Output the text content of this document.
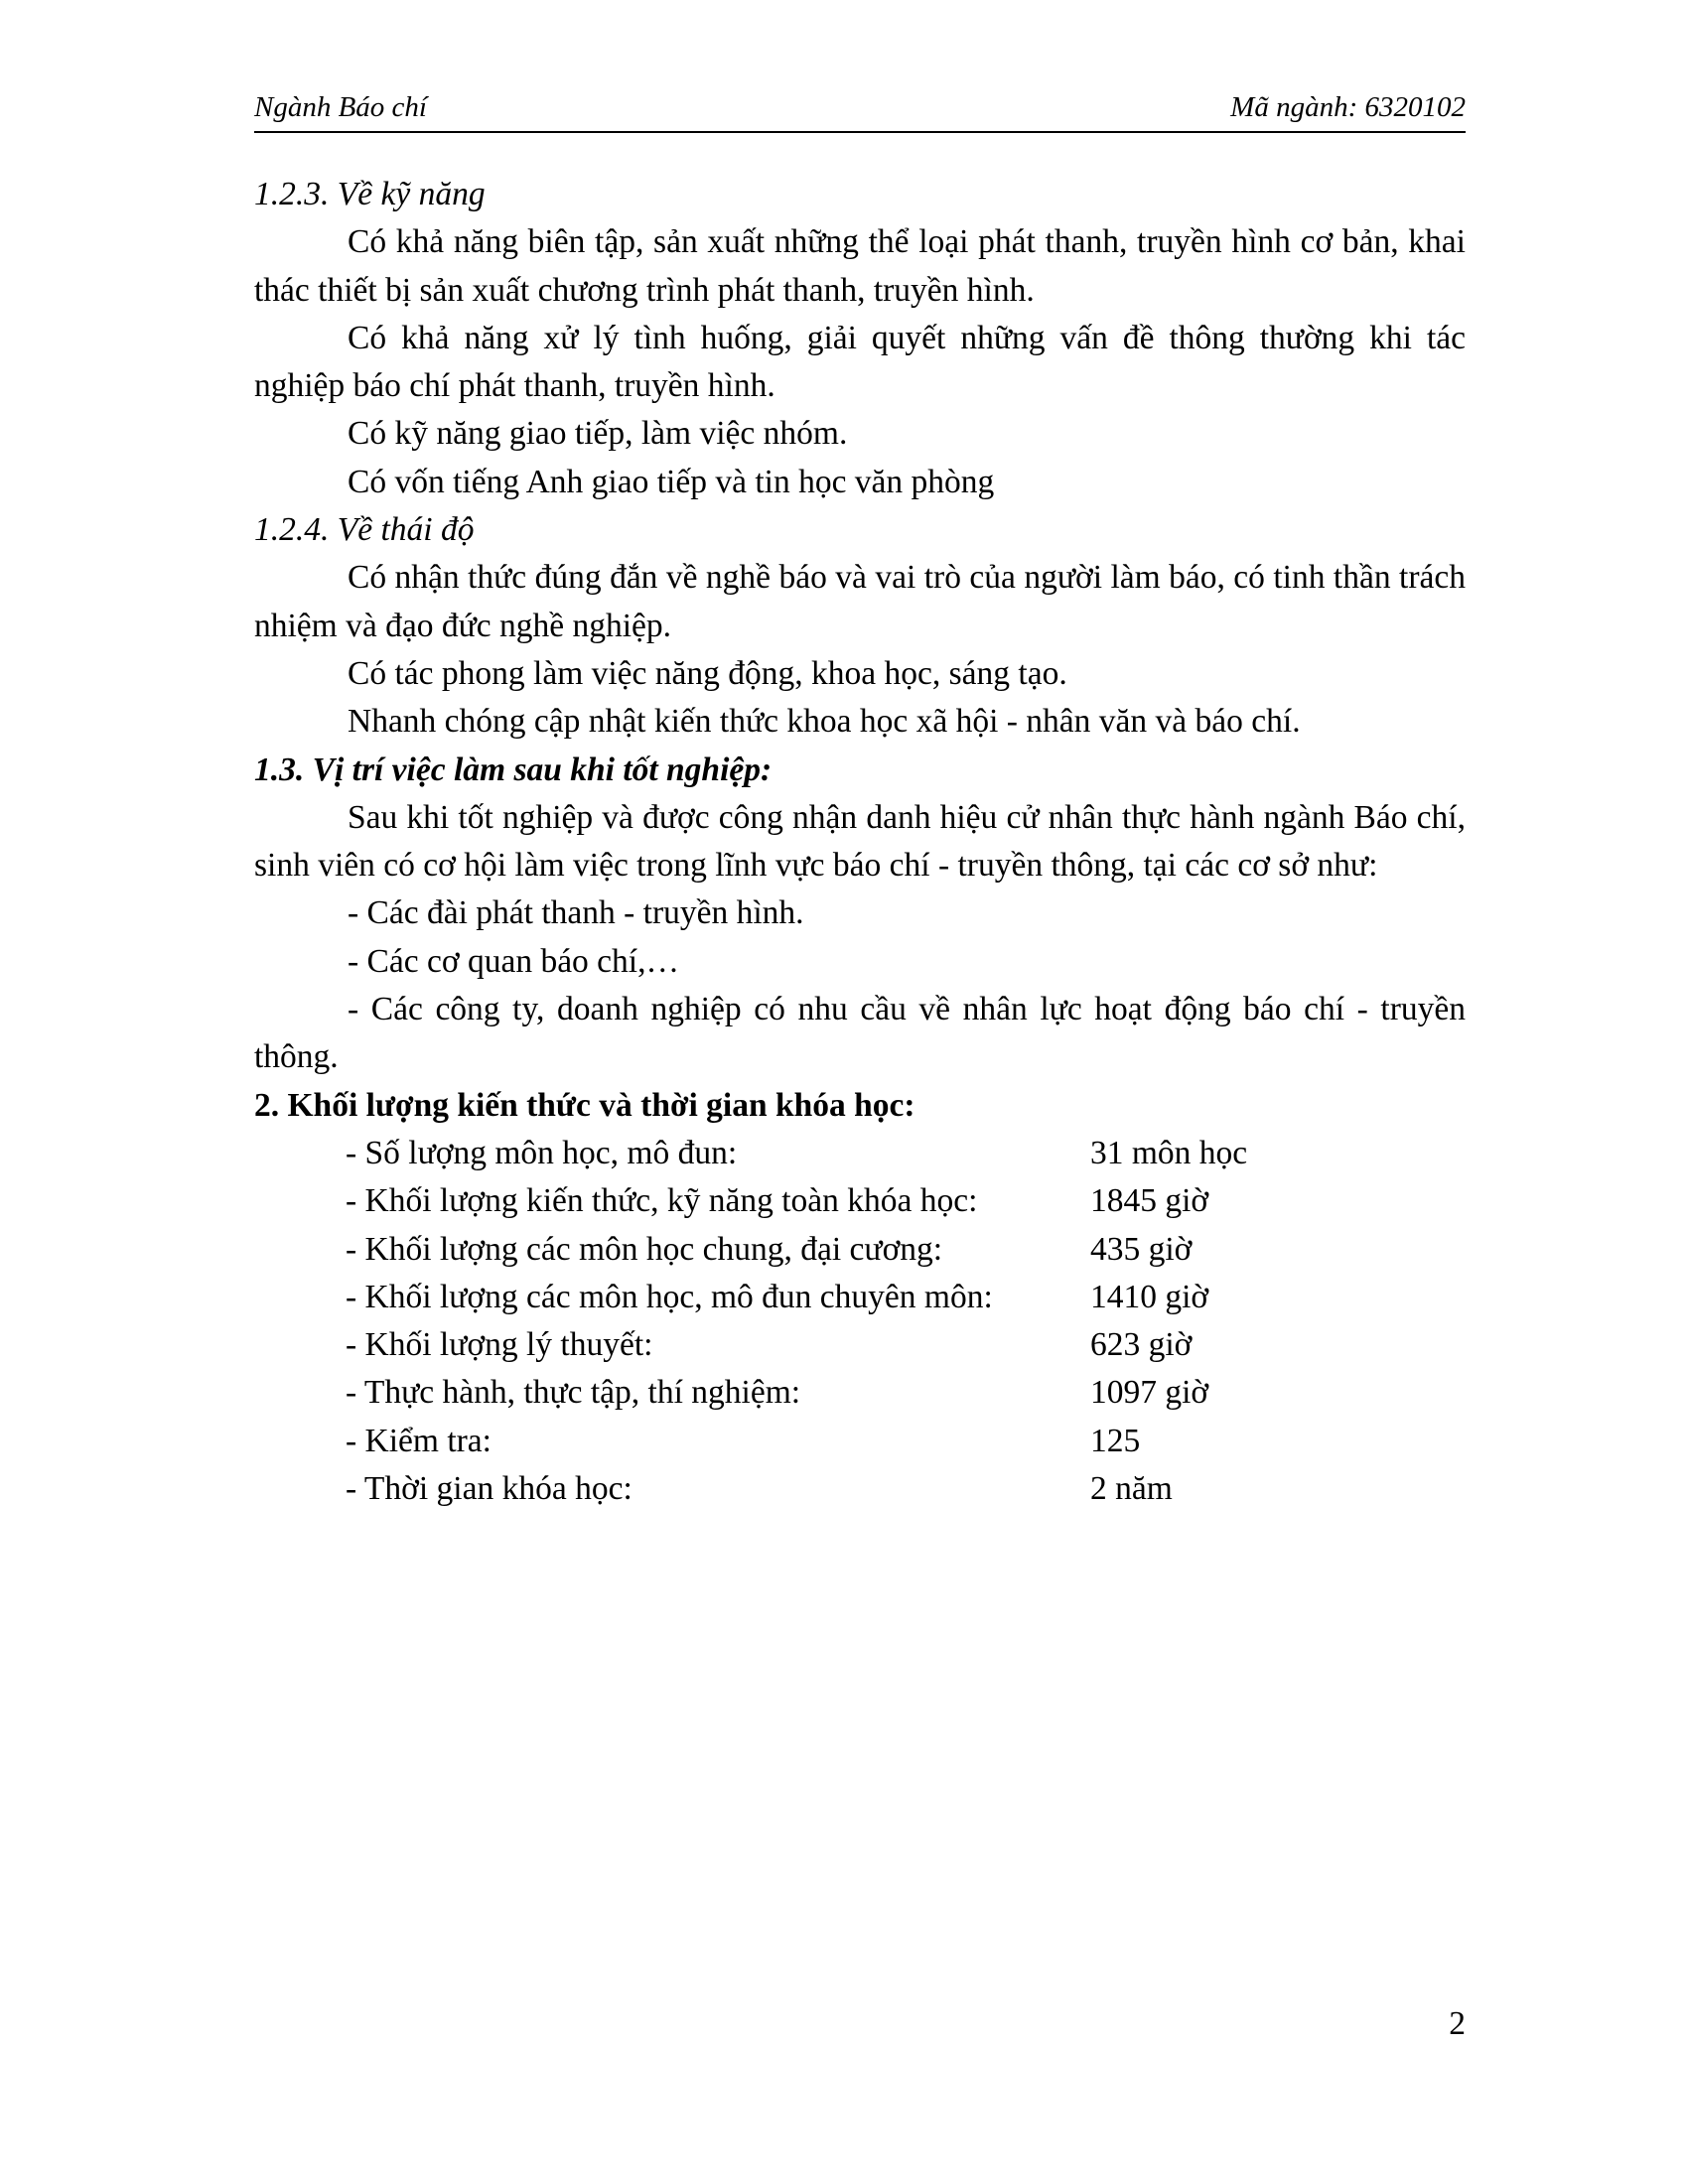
Ngành Báo chí	Mã ngành: 6320102

1.2.3. Về kỹ năng

Có khả năng biên tập, sản xuất những thể loại phát thanh, truyền hình cơ bản, khai thác thiết bị sản xuất chương trình phát thanh, truyền hình.

Có khả năng xử lý tình huống, giải quyết những vấn đề thông thường khi tác nghiệp báo chí phát thanh, truyền hình.

Có kỹ năng giao tiếp, làm việc nhóm.

Có vốn tiếng Anh giao tiếp và tin học văn phòng

1.2.4. Về thái độ

Có nhận thức đúng đắn về nghề báo và vai trò của người làm báo, có tinh thần trách nhiệm và đạo đức nghề nghiệp.

Có tác phong làm việc năng động, khoa học, sáng tạo.

Nhanh chóng cập nhật kiến thức khoa học xã hội - nhân văn và báo chí.

1.3. Vị trí việc làm sau khi tốt nghiệp:

Sau khi tốt nghiệp và được công nhận danh hiệu cử nhân thực hành ngành Báo chí, sinh viên có cơ hội làm việc trong lĩnh vực báo chí - truyền thông, tại các cơ sở như:

- Các đài phát thanh - truyền hình.

- Các cơ quan báo chí,…

- Các công ty, doanh nghiệp có nhu cầu về nhân lực hoạt động báo chí - truyền thông.

2. Khối lượng kiến thức và thời gian khóa học:

- Số lượng môn học, mô đun:	31 môn học
- Khối lượng kiến thức, kỹ năng toàn khóa học:	1845 giờ
- Khối lượng các môn học chung, đại cương:	435 giờ
- Khối lượng các môn học, mô đun chuyên môn:	1410 giờ
- Khối lượng lý thuyết:	623 giờ
- Thực hành, thực tập, thí nghiệm:	1097 giờ
- Kiểm tra:	125
- Thời gian khóa học:	2 năm
2
